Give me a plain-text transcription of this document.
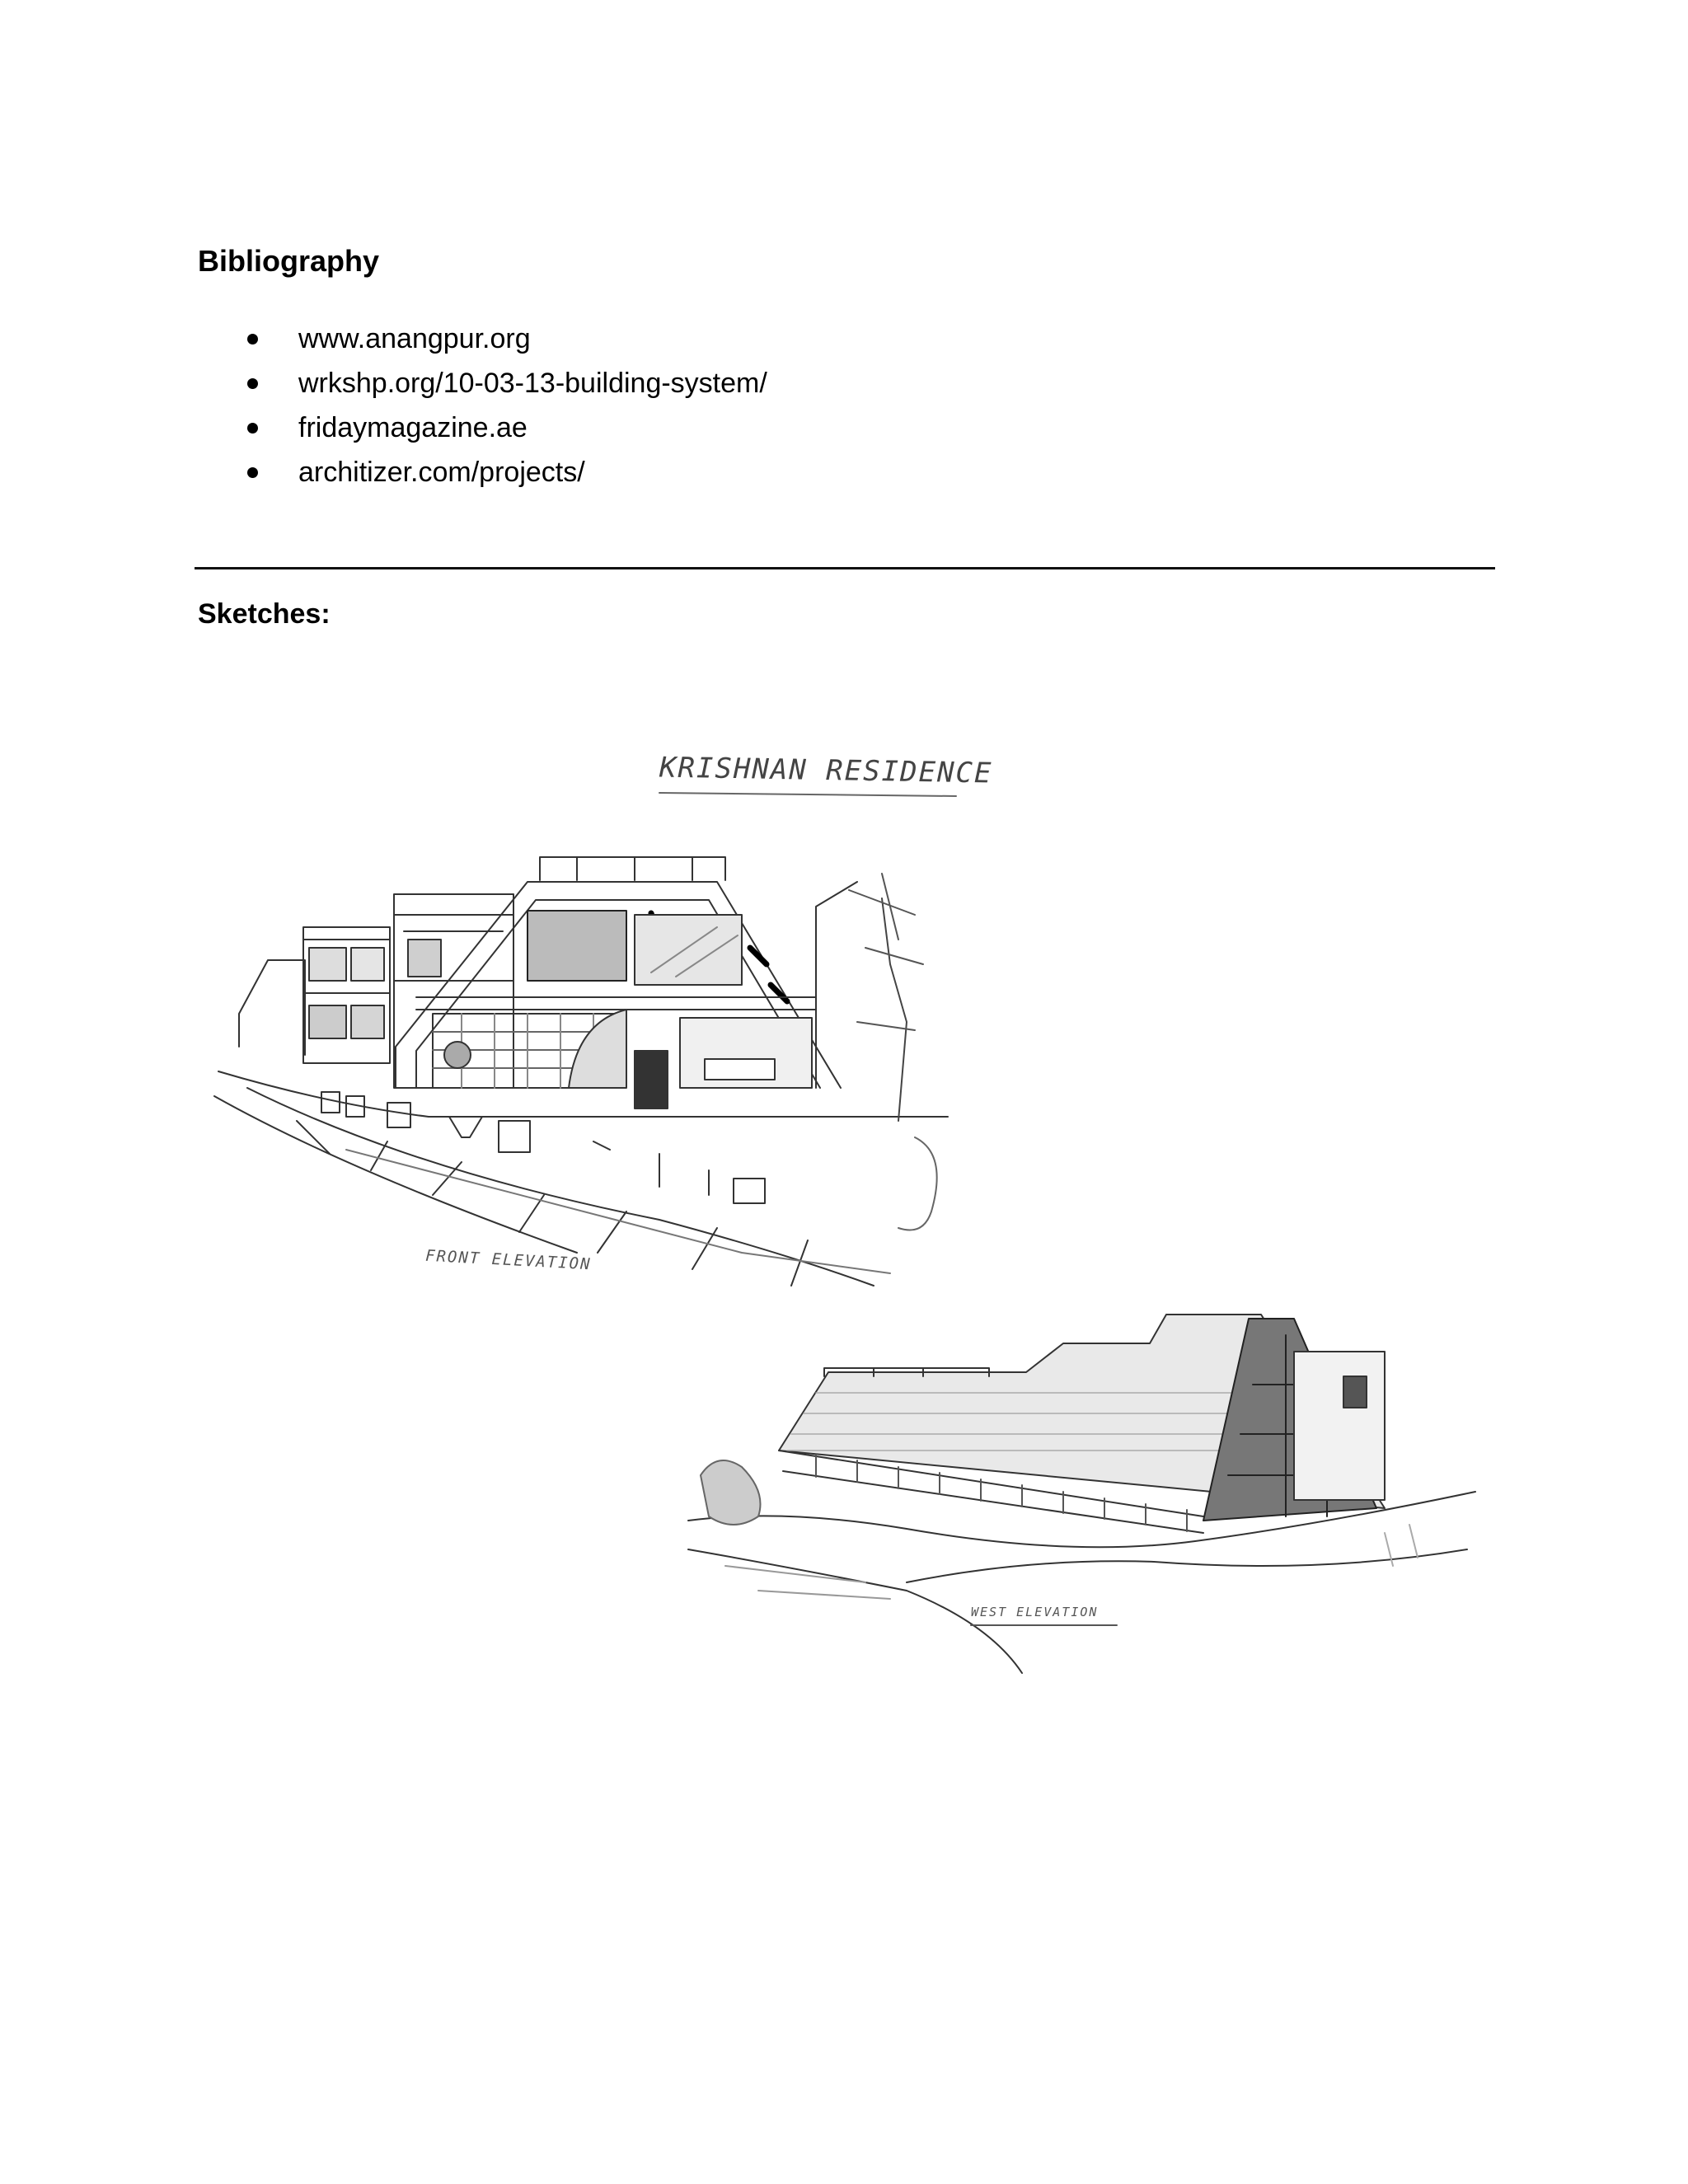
Bibliography
www.anangpur.org
wrkshp.org/10-03-13-building-system/
fridaymagazine.ae
architizer.com/projects/
Sketches:
KRISHNAN RESIDENCE
FRONT ELEVATION
WEST ELEVATION
